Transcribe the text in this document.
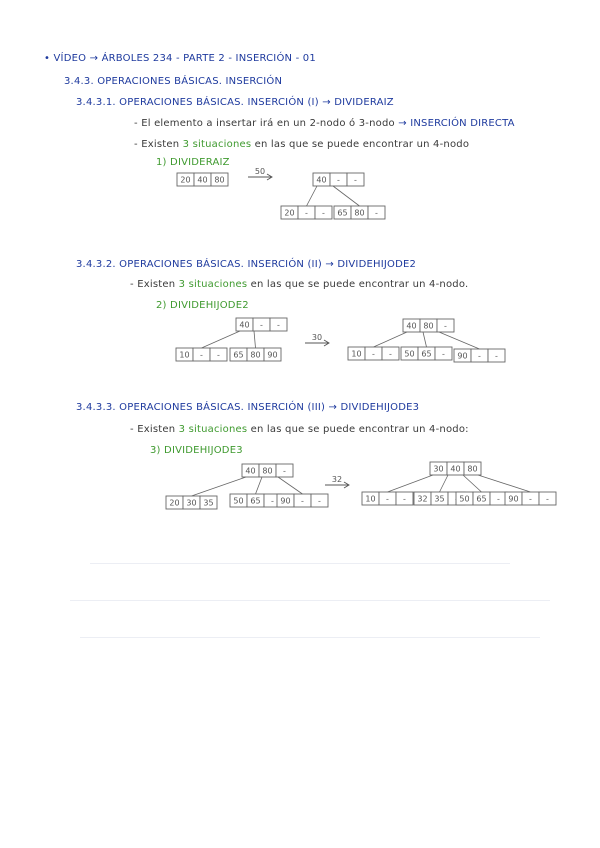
• VÍDEO → ÁRBOLES 234 - PARTE 2 - INSERCIÓN - 01
3.4.3. OPERACIONES BÁSICAS. INSERCIÓN
3.4.3.1. OPERACIONES BÁSICAS. INSERCIÓN (I) → DIVIDERAIZ
- El elemento a insertar irá en un 2-nodo ó 3-nodo → INSERCIÓN DIRECTA
- Existen 3 situaciones en las que se puede encontrar un 4-nodo
1) DIVIDERAIZ
3.4.3.2. OPERACIONES BÁSICAS. INSERCIÓN (II) → DIVIDEHIJODE2
- Existen 3 situaciones en las que se puede encontrar un 4-nodo.
2) DIVIDEHIJODE2
3.4.3.3. OPERACIONES BÁSICAS. INSERCIÓN (III) → DIVIDEHIJODE3
- Existen 3 situaciones en las que se puede encontrar un 4-nodo:
3) DIVIDEHIJODE3
20 40 80
50
40 - -
20 - - 65 80 -
40 - -
10 - - 65 80 90
30
40 80 -
10 - - 50 65 - 90 - -
40 80 -
20 30 35 50 65 - 90 - -
32
30 40 80
10 - - 32 35 50 65 - 90 - -
